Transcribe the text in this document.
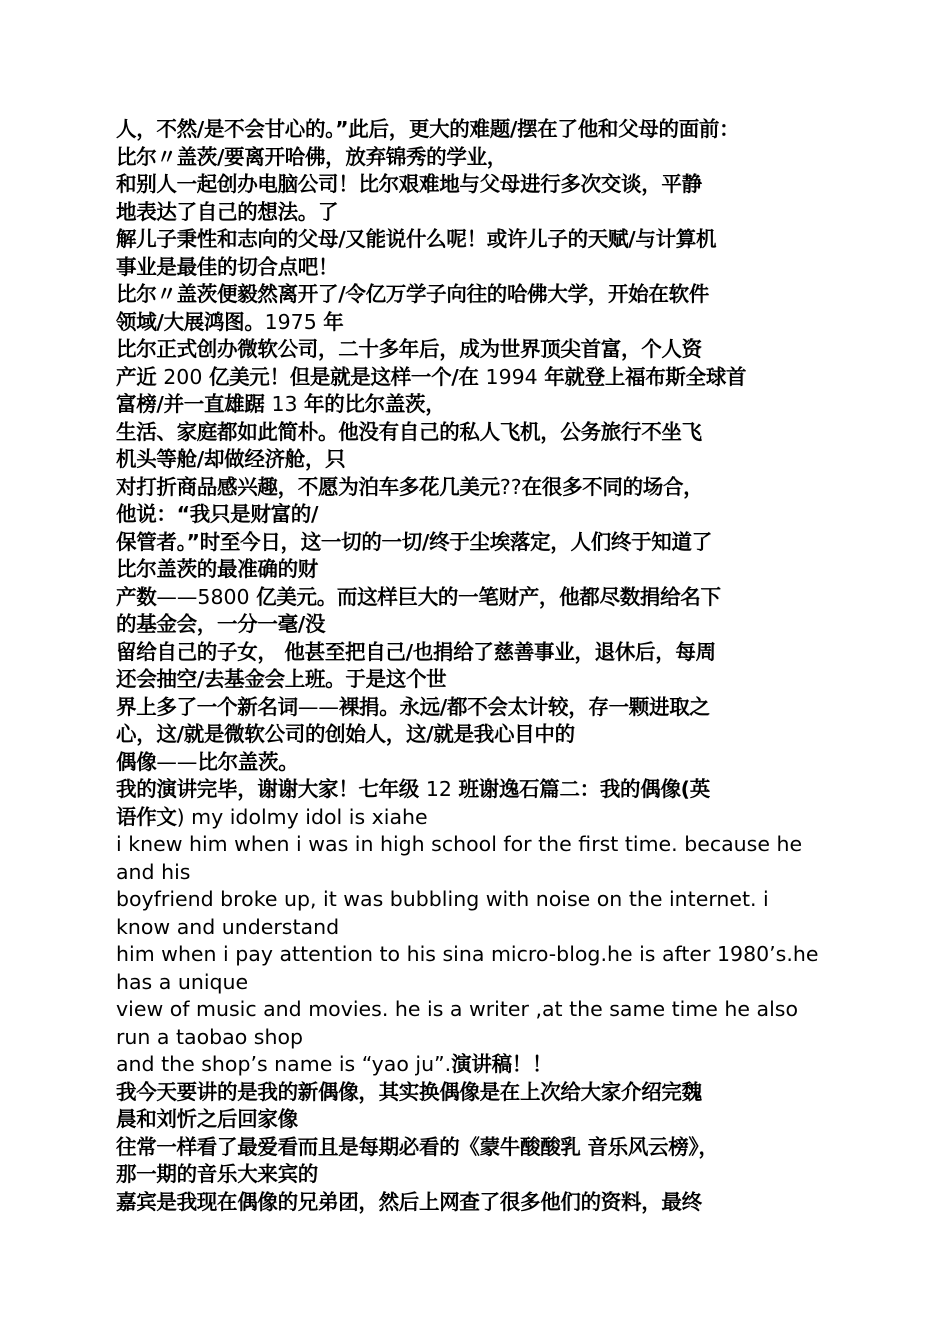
人，不然/是不会甘心的。”此后，更大的难题/摆在了他和父母的面前：
比尔〃盖茨/要离开哈佛，放弃锦秀的学业，
和别人一起创办电脑公司！比尔艰难地与父母进行多次交谈，平静
地表达了自己的想法。了
解儿子秉性和志向的父母/又能说什么呢！或许儿子的天赋/与计算机
事业是最佳的切合点吧！
比尔〃盖茨便毅然离开了/令亿万学子向往的哈佛大学，开始在软件
领域/大展鸿图。1975 年
比尔正式创办微软公司，二十多年后，成为世界顶尖首富，个人资
产近 200 亿美元！但是就是这样一个/在 1994 年就登上福布斯全球首
富榜/并一直雄踞 13 年的比尔盖茨，
生活、家庭都如此简朴。他没有自己的私人飞机，公务旅行不坐飞
机头等舱/却做经济舱，只
对打折商品感兴趣，不愿为泊车多花几美元??在很多不同的场合，
他说：“我只是财富的/
保管者。”时至今日，这一切的一切/终于尘埃落定，人们终于知道了
比尔盖茨的最准确的财
产数——5800 亿美元。而这样巨大的一笔财产，他都尽数捐给名下
的基金会，一分一毫/没
留给自己的子女， 他甚至把自己/也捐给了慈善事业，退休后，每周
还会抽空/去基金会上班。于是这个世
界上多了一个新名词——裸捐。永远/都不会太计较，存一颗进取之
心，这/就是微软公司的创始人，这/就是我心目中的
偶像——比尔盖茨。
我的演讲完毕，谢谢大家！七年级 12 班谢逸石篇二：我的偶像(英
语作文) my idolmy idol is xiahe
i knew him when i was in high school for the first time. because he
and his
boyfriend broke up, it was bubbling with noise on the internet. i
know and understand
him when i pay attention to his sina micro-blog.he is after 1980’s.he
has a unique
view of music and movies. he is a writer ,at the same time he also
run a taobao shop
and the shop’s name is “yao ju”.演讲稿！！
我今天要讲的是我的新偶像，其实换偶像是在上次给大家介绍完魏
晨和刘忻之后回家像
往常一样看了最爱看而且是每期必看的《蒙牛酸酸乳 音乐风云榜》，
那一期的音乐大来宾的
嘉宾是我现在偶像的兄弟团，然后上网查了很多他们的资料，最终
